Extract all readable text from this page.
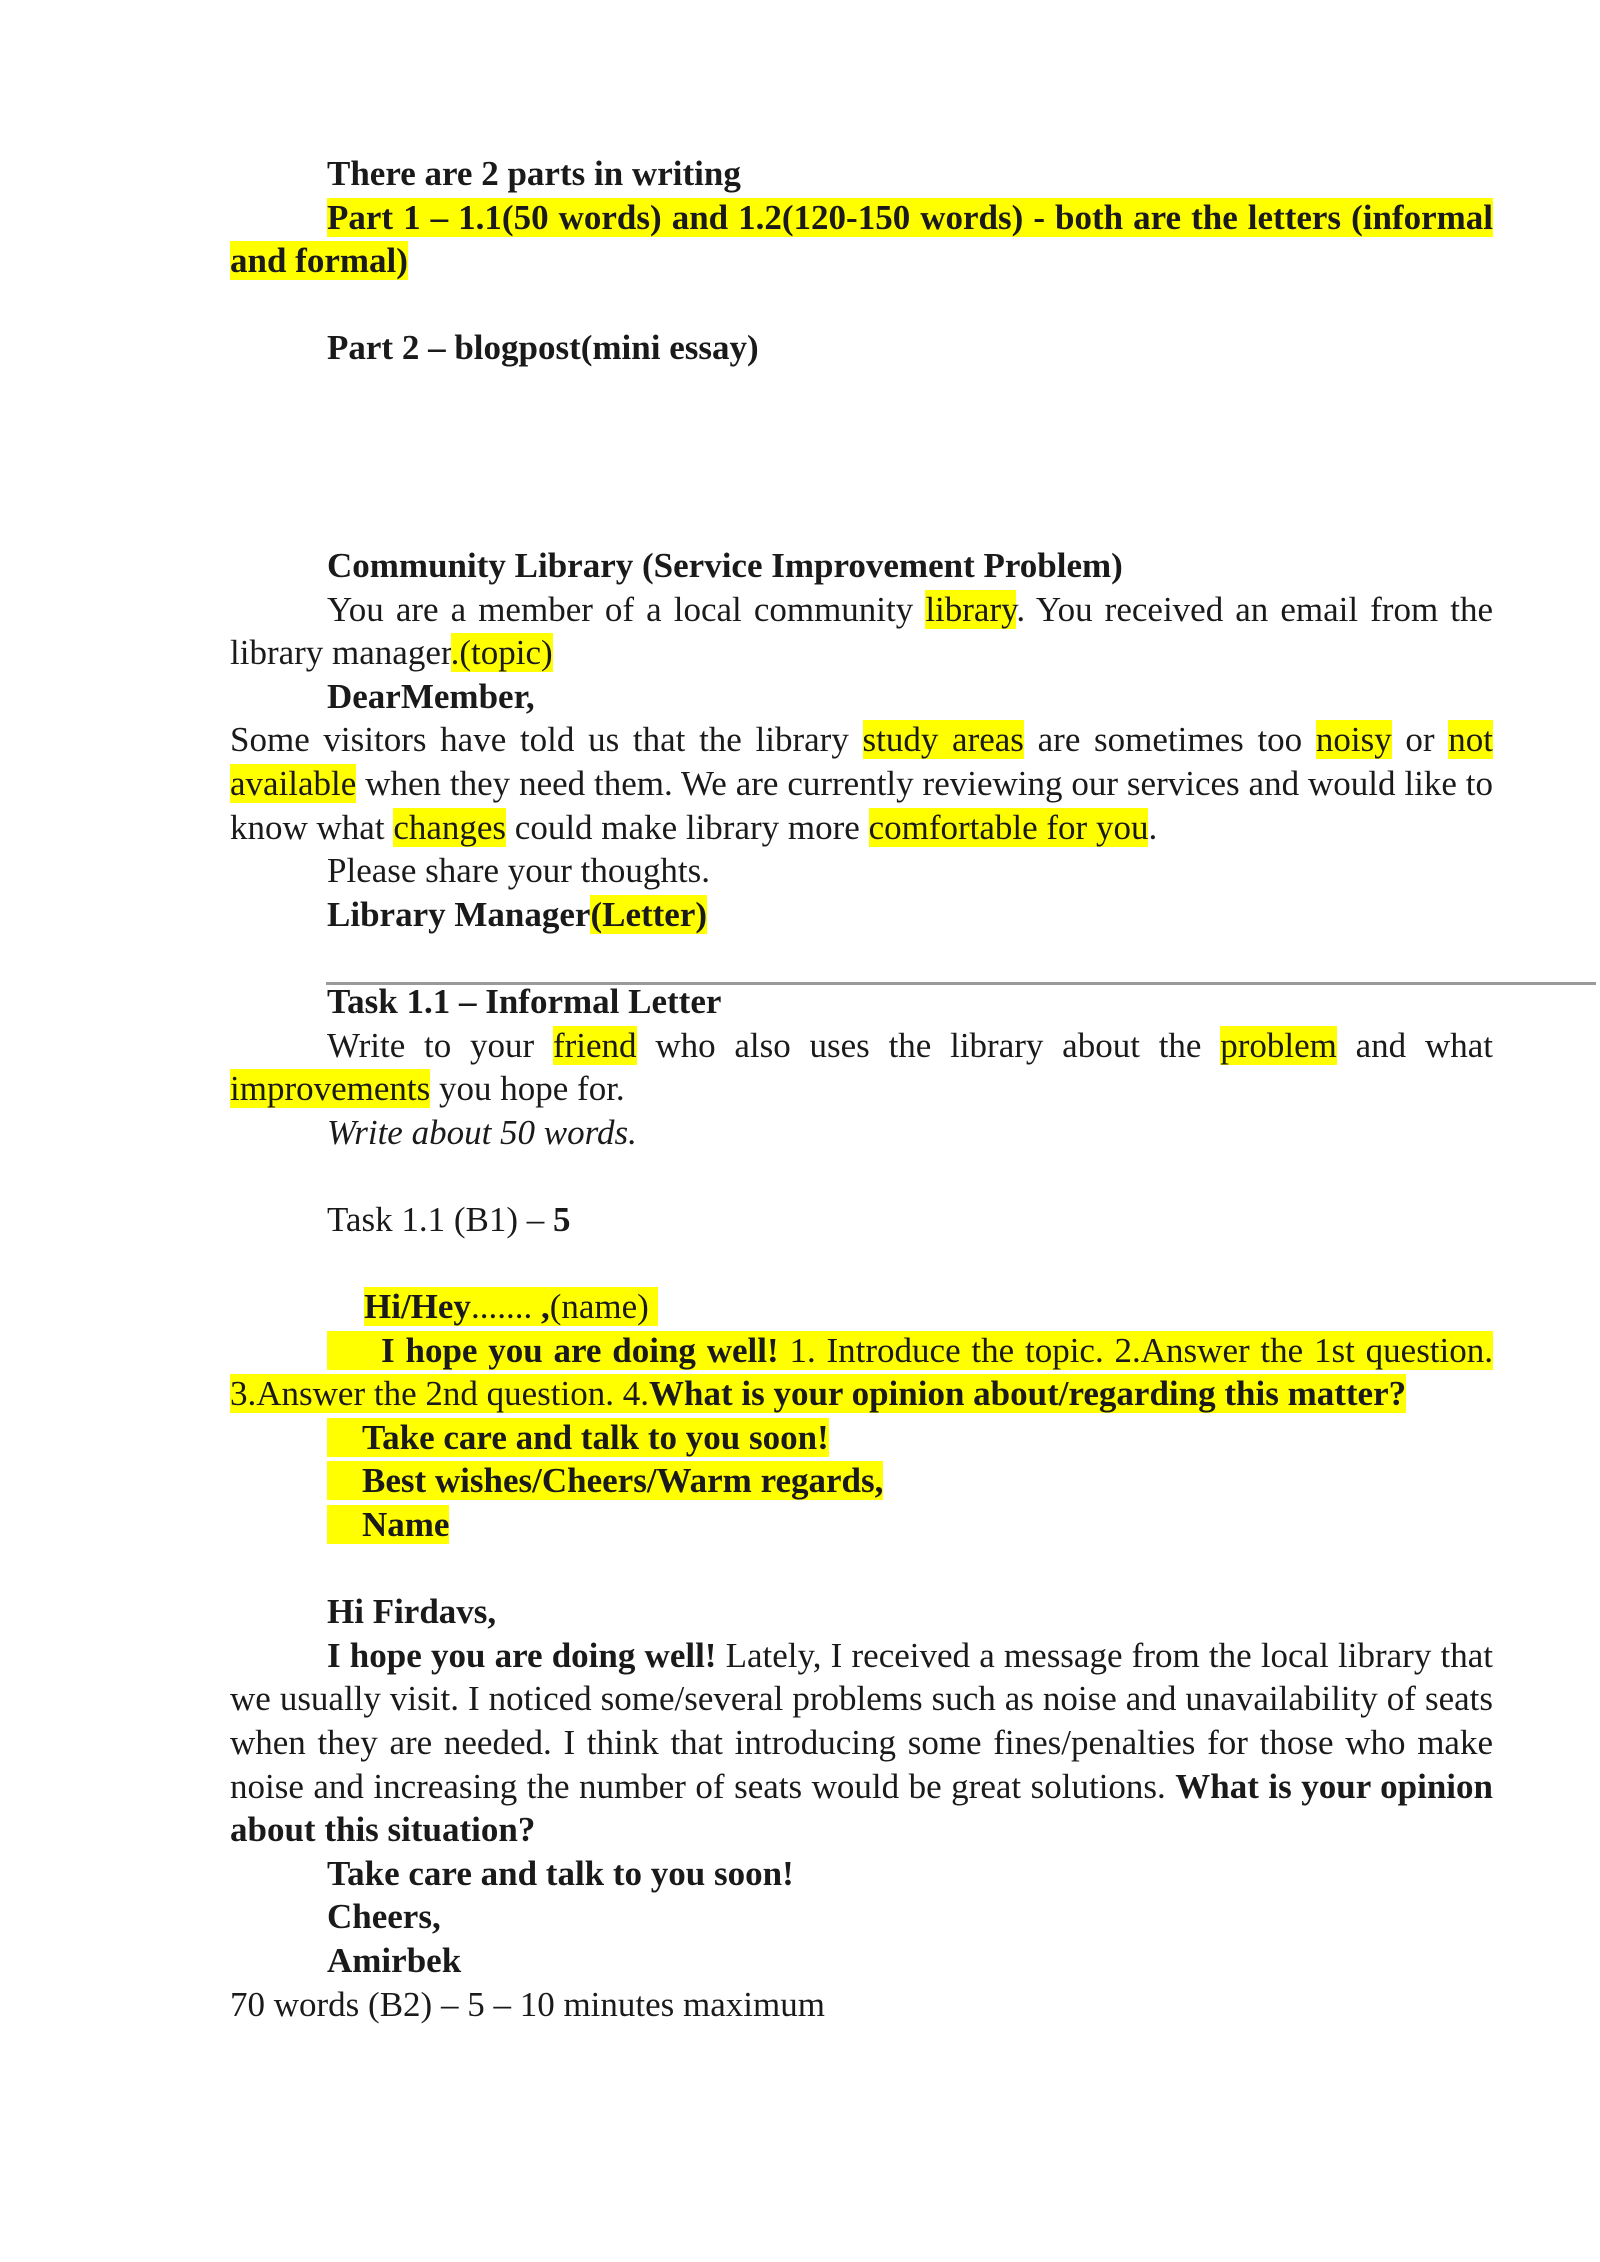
There are 2 parts in writing

Part 1 – 1.1(50 words) and 1.2(120-150 words) - both are the letters (informal and formal)

Part 2 – blogpost(mini essay)

Community Library (Service Improvement Problem)

You are a member of a local community library. You received an email from the library manager.(topic)

DearMember,

Some visitors have told us that the library study areas are sometimes too noisy or not available when they need them. We are currently reviewing our services and would like to know what changes could make library more comfortable for you.

Please share your thoughts.

Library Manager(Letter)

Task 1.1 – Informal Letter

Write to your friend who also uses the library about the problem and what improvements you hope for.

Write about 50 words.

Task 1.1 (B1) – 5

Hi/Hey....... ,(name)

I hope you are doing well! 1. Introduce the topic. 2.Answer the 1st question. 3.Answer the 2nd question. 4.What is your opinion about/regarding this matter?

Take care and talk to you soon!

Best wishes/Cheers/Warm regards,

Name

Hi Firdavs,

I hope you are doing well! Lately, I received a message from the local library that we usually visit. I noticed some/several problems such as noise and unavailability of seats when they are needed. I think that introducing some fines/penalties for those who make noise and increasing the number of seats would be great solutions. What is your opinion about this situation?

Take care and talk to you soon!

Cheers,

Amirbek

70 words (B2) – 5 – 10 minutes maximum
